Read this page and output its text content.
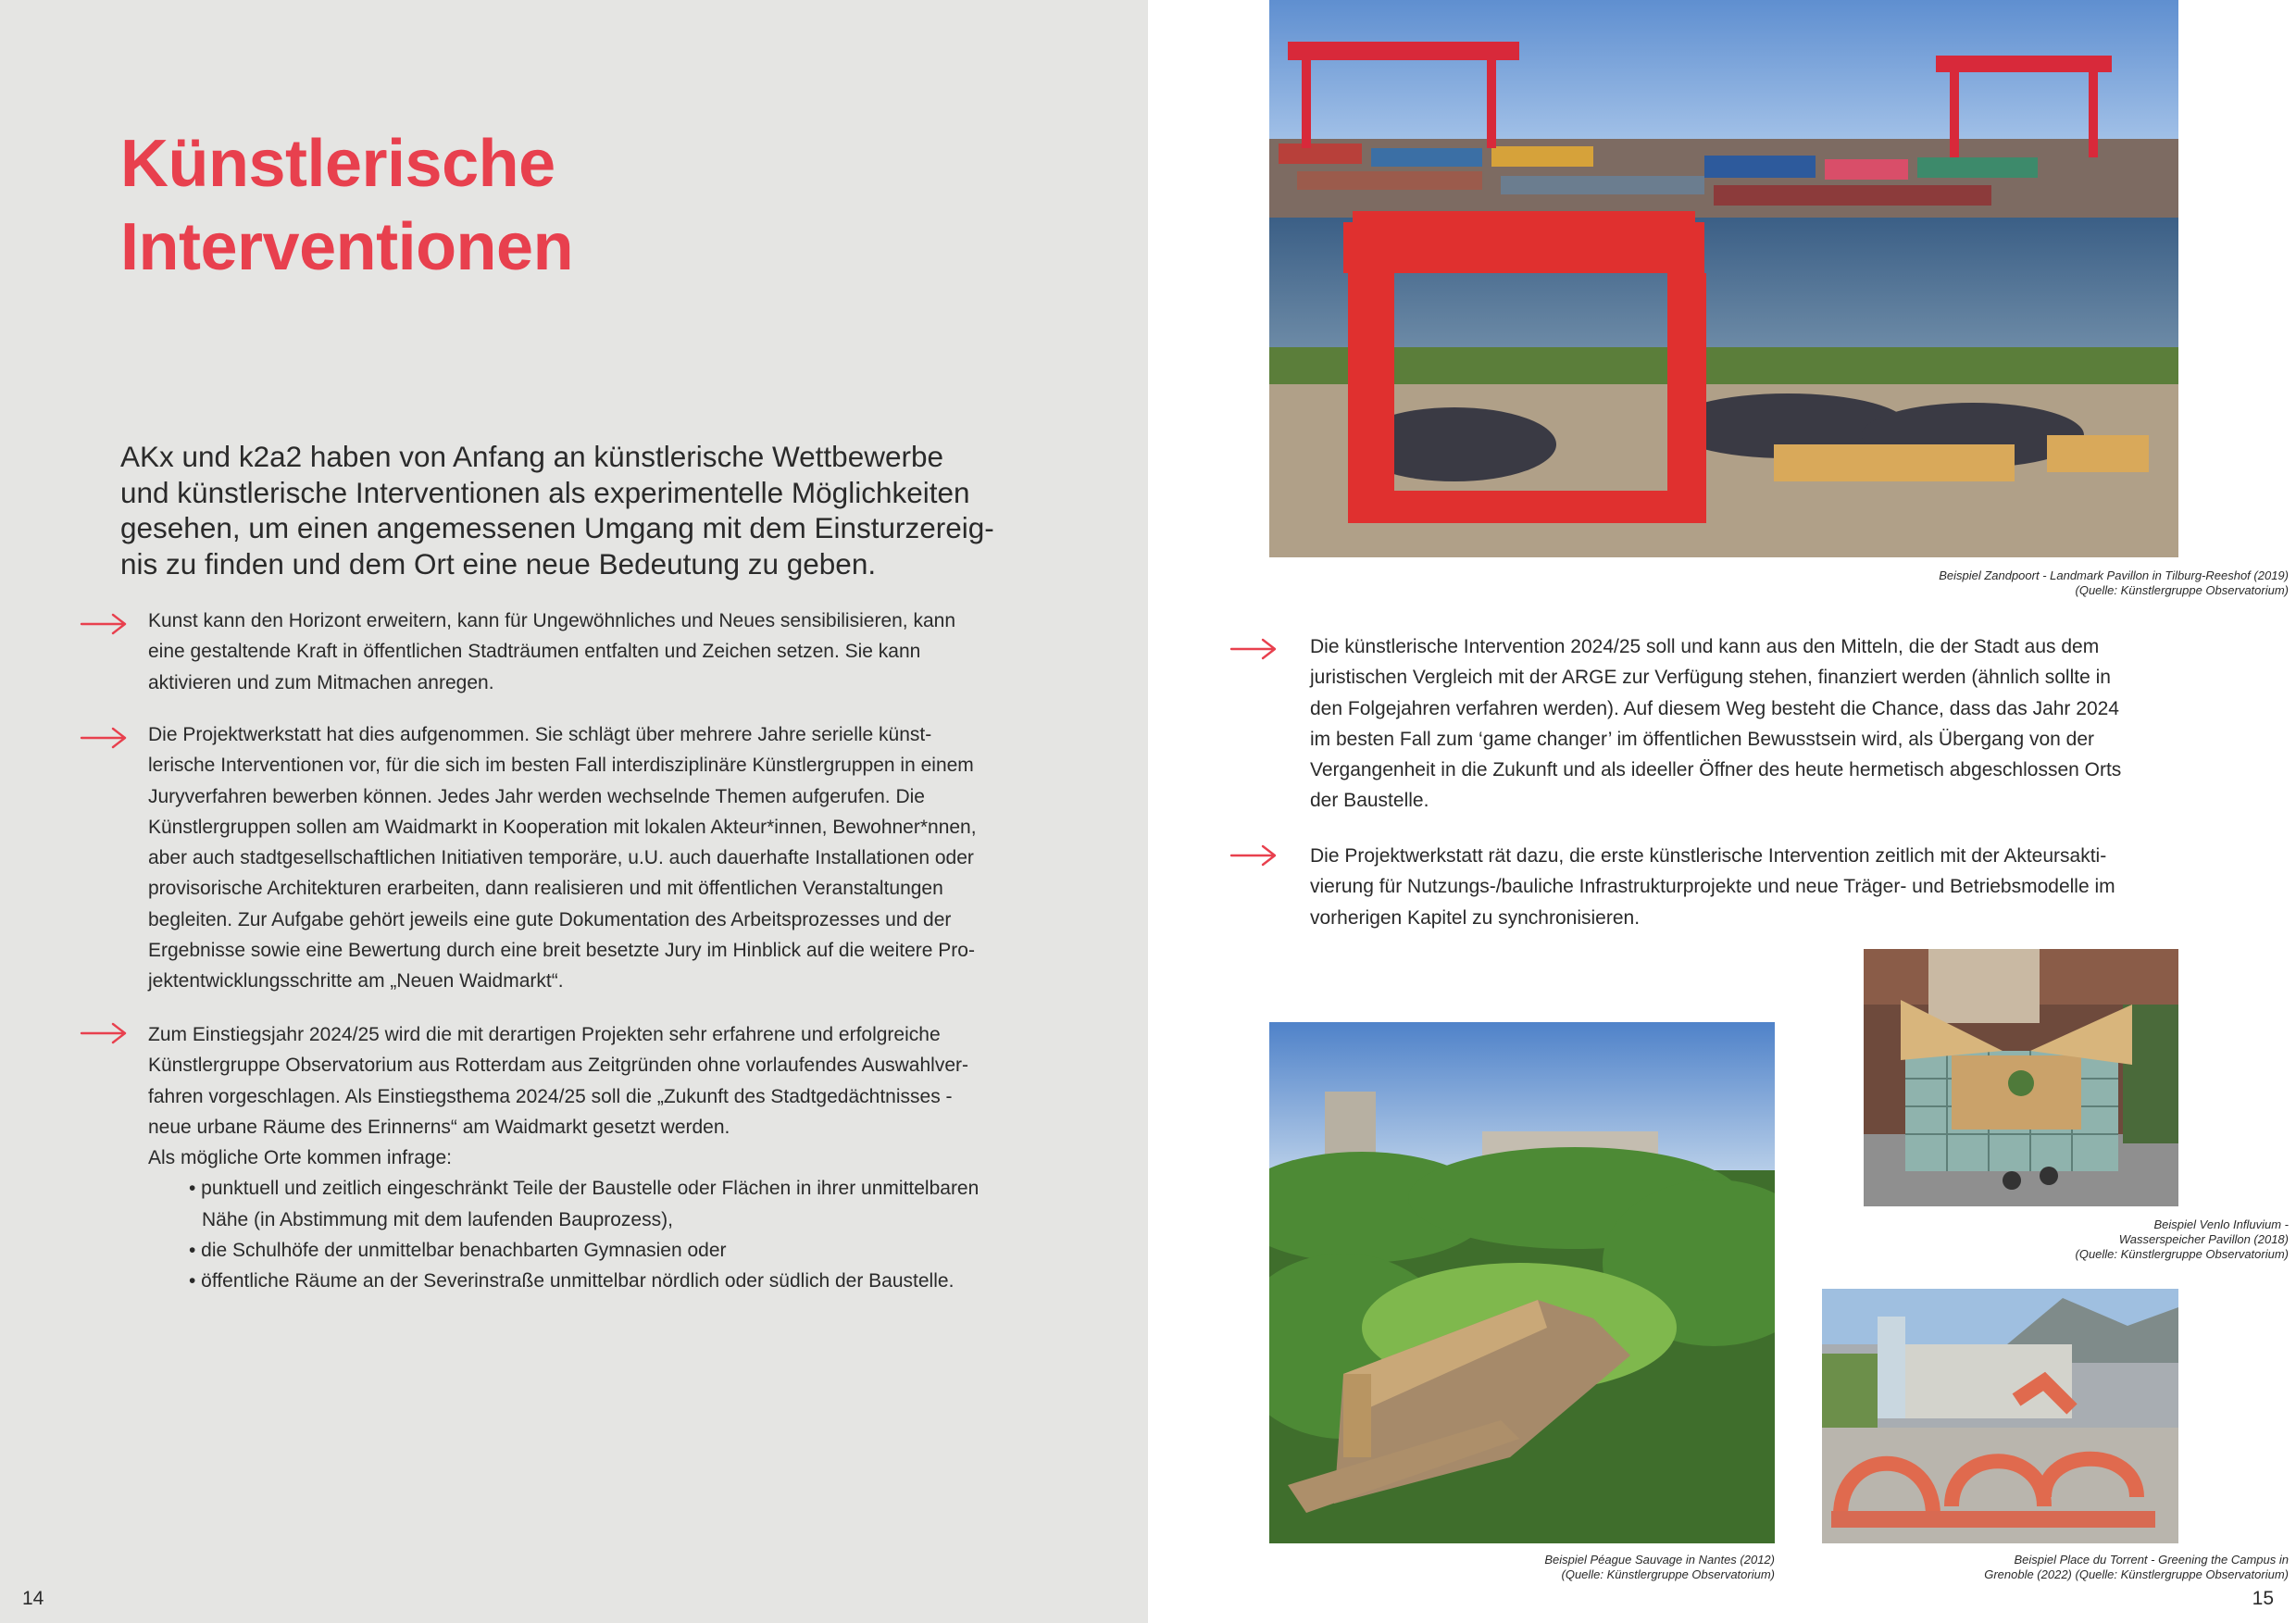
Künstlerische
Interventionen

AKx und k2a2 haben von Anfang an künstlerische Wettbewerbe
und künstlerische Interventionen als experimentelle Möglichkeiten
gesehen, um einen angemessenen Umgang mit dem Einsturzereig-
nis zu finden und dem Ort eine neue Bedeutung zu geben.

Kunst kann den Horizont erweitern, kann für Ungewöhnliches und Neues sensibilisieren, kann
eine gestaltende Kraft in öffentlichen Stadträumen entfalten und Zeichen setzen. Sie kann
aktivieren und zum Mitmachen anregen.
Die Projektwerkstatt hat dies aufgenommen. Sie schlägt über mehrere Jahre serielle künst-
lerische Interventionen vor, für die sich im besten Fall interdisziplinäre Künstlergruppen in einem
Juryverfahren bewerben können. Jedes Jahr werden wechselnde Themen aufgerufen. Die
Künstlergruppen sollen am Waidmarkt in Kooperation mit lokalen Akteur*innen, Bewohner*nnen,
aber auch stadtgesellschaftlichen Initiativen temporäre, u.U. auch dauerhafte Installationen oder
provisorische Architekturen erarbeiten, dann realisieren und mit öffentlichen Veranstaltungen
begleiten. Zur Aufgabe gehört jeweils eine gute Dokumentation des Arbeitsprozesses und der
Ergebnisse sowie eine Bewertung durch eine breit besetzte Jury im Hinblick auf die weitere Pro-
jektentwicklungsschritte am „Neuen Waidmarkt“.
Zum Einstiegsjahr 2024/25 wird die mit derartigen Projekten sehr erfahrene und erfolgreiche
Künstlergruppe Observatorium aus Rotterdam aus Zeitgründen ohne vorlaufendes Auswahlver-
fahren vorgeschlagen. Als Einstiegsthema 2024/25 soll die „Zukunft des Stadtgedächtnisses -
neue urbane Räume des Erinnerns“ am Waidmarkt gesetzt werden.
Als mögliche Orte kommen infrage:
• punktuell und zeitlich eingeschränkt Teile der Baustelle oder Flächen in ihrer unmittelbaren
Nähe (in Abstimmung mit dem laufenden Bauprozess),
• die Schulhöfe der unmittelbar benachbarten Gymnasien oder
• öffentliche Räume an der Severinstraße unmittelbar nördlich oder südlich der Baustelle.
14
Beispiel Zandpoort - Landmark Pavillon in Tilburg-Reeshof (2019)
(Quelle: Künstlergruppe Observatorium)
Die künstlerische Intervention 2024/25 soll und kann aus den Mitteln, die der Stadt aus dem
juristischen Vergleich mit der ARGE zur Verfügung stehen, finanziert werden (ähnlich sollte in
den Folgejahren verfahren werden). Auf diesem Weg besteht die Chance, dass das Jahr 2024
im besten Fall zum ‘game changer’ im öffentlichen Bewusstsein wird, als Übergang von der
Vergangenheit in die Zukunft und als ideeller Öffner des heute hermetisch abgeschlossen Orts
der Baustelle.
Die Projektwerkstatt rät dazu, die erste künstlerische Intervention zeitlich mit der Akteursakti-
vierung für Nutzungs-/bauliche Infrastrukturprojekte und neue Träger- und Betriebsmodelle im
vorherigen Kapitel zu synchronisieren.
Beispiel Venlo Influvium -
Wasserspeicher Pavillon (2018)
(Quelle: Künstlergruppe Observatorium)
Beispiel Péague Sauvage in Nantes (2012)
(Quelle: Künstlergruppe Observatorium)
Beispiel Place du Torrent - Greening the Campus in
Grenoble (2022) (Quelle: Künstlergruppe Observatorium)
15
